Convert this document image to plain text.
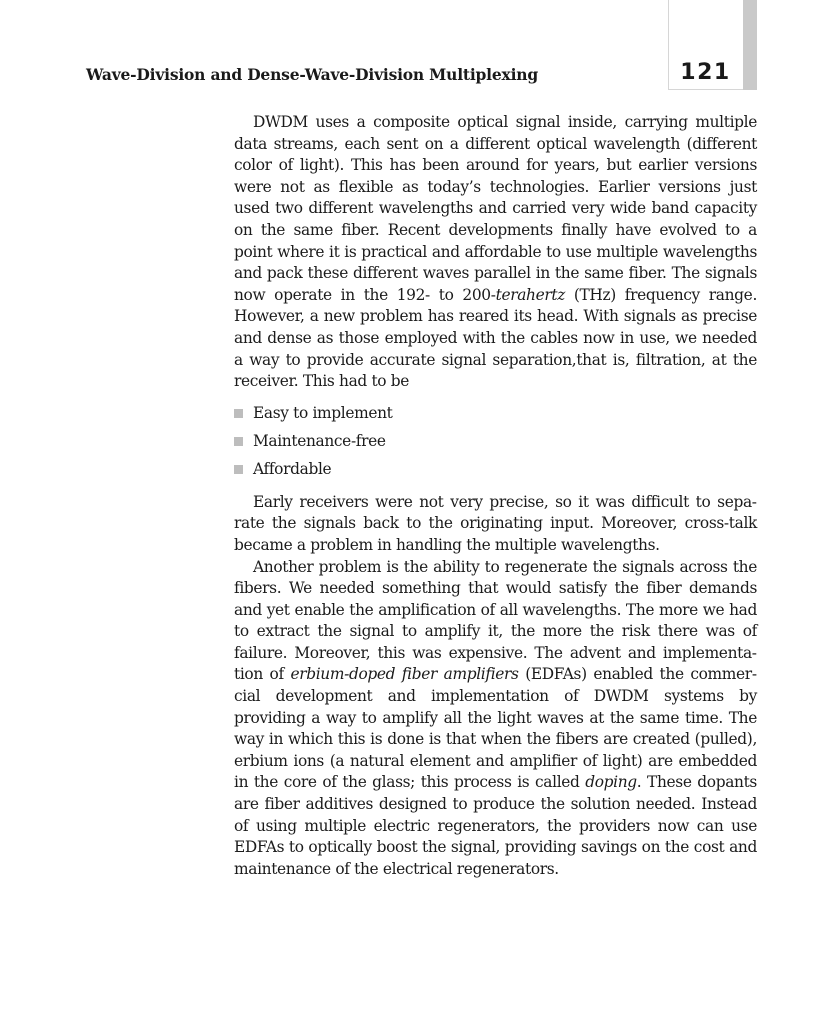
121
Wave-Division and Dense-Wave-Division Multiplexing

DWDM uses a composite optical signal inside, carrying multiple data streams, each sent on a different optical wavelength (different color of light). This has been around for years, but earlier versions were not as flexible as today’s technologies. Earlier versions just used two different wavelengths and carried very wide band capacity on the same fiber. Recent developments finally have evolved to a point where it is practical and affordable to use multiple wavelengths and pack these different waves parallel in the same fiber. The signals now operate in the 192- to 200-terahertz (THz) frequency range. However, a new problem has reared its head. With signals as precise and dense as those employed with the cables now in use, we needed a way to provide accurate signal separation,that is, filtration, at the receiver. This had to be

Easy to implement
Maintenance-free
Affordable

Early receivers were not very precise, so it was difficult to separate the signals back to the originating input. Moreover, cross-talk became a problem in handling the multiple wavelengths.

Another problem is the ability to regenerate the signals across the fibers. We needed something that would satisfy the fiber demands and yet enable the amplification of all wavelengths. The more we had to extract the signal to amplify it, the more the risk there was of failure. Moreover, this was expensive. The advent and implementation of erbium-doped fiber amplifiers (EDFAs) enabled the commercial development and implementation of DWDM systems by providing a way to amplify all the light waves at the same time. The way in which this is done is that when the fibers are created (pulled), erbium ions (a natural element and amplifier of light) are embedded in the core of the glass; this process is called doping. These dopants are fiber additives designed to produce the solution needed. Instead of using multiple electric regenerators, the providers now can use EDFAs to optically boost the signal, providing savings on the cost and maintenance of the electrical regenerators.
